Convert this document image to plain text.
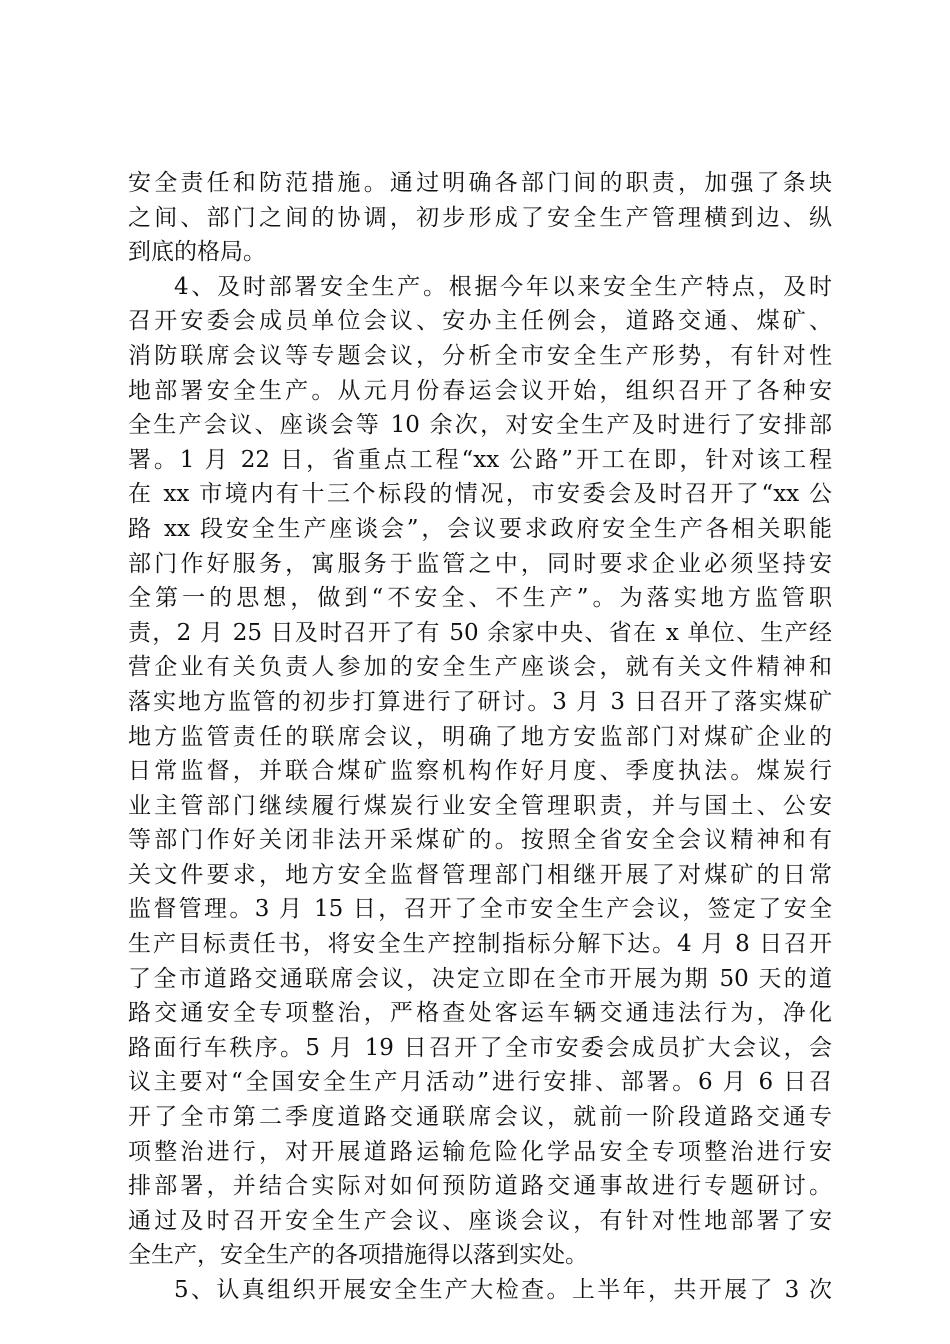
安全责任和防范措施。通过明确各部门间的职责，加强了条块
之间、部门之间的协调，初步形成了安全生产管理横到边、纵
到底的格局。
4、及时部署安全生产。根据今年以来安全生产特点，及时
召开安委会成员单位会议、安办主任例会，道路交通、煤矿、
消防联席会议等专题会议，分析全市安全生产形势，有针对性
地部署安全生产。从元月份春运会议开始，组织召开了各种安
全生产会议、座谈会等 10 余次，对安全生产及时进行了安排部
署。1 月 22 日，省重点工程“xx 公路”开工在即，针对该工程
在 xx 市境内有十三个标段的情况，市安委会及时召开了“xx 公
路 xx 段安全生产座谈会”，会议要求政府安全生产各相关职能
部门作好服务，寓服务于监管之中，同时要求企业必须坚持安
全第一的思想，做到“不安全、不生产”。为落实地方监管职
责，2 月 25 日及时召开了有 50 余家中央、省在 x 单位、生产经
营企业有关负责人参加的安全生产座谈会，就有关文件精神和
落实地方监管的初步打算进行了研讨。3 月 3 日召开了落实煤矿
地方监管责任的联席会议，明确了地方安监部门对煤矿企业的
日常监督，并联合煤矿监察机构作好月度、季度执法。煤炭行
业主管部门继续履行煤炭行业安全管理职责，并与国土、公安
等部门作好关闭非法开采煤矿的。按照全省安全会议精神和有
关文件要求，地方安全监督管理部门相继开展了对煤矿的日常
监督管理。3 月 15 日，召开了全市安全生产会议，签定了安全
生产目标责任书，将安全生产控制指标分解下达。4 月 8 日召开
了全市道路交通联席会议，决定立即在全市开展为期 50 天的道
路交通安全专项整治，严格查处客运车辆交通违法行为，净化
路面行车秩序。5 月 19 日召开了全市安委会成员扩大会议，会
议主要对“全国安全生产月活动”进行安排、部署。6 月 6 日召
开了全市第二季度道路交通联席会议，就前一阶段道路交通专
项整治进行，对开展道路运输危险化学品安全专项整治进行安
排部署，并结合实际对如何预防道路交通事故进行专题研讨。
通过及时召开安全生产会议、座谈会议，有针对性地部署了安
全生产，安全生产的各项措施得以落到实处。
5、认真组织开展安全生产大检查。上半年，共开展了 3 次
